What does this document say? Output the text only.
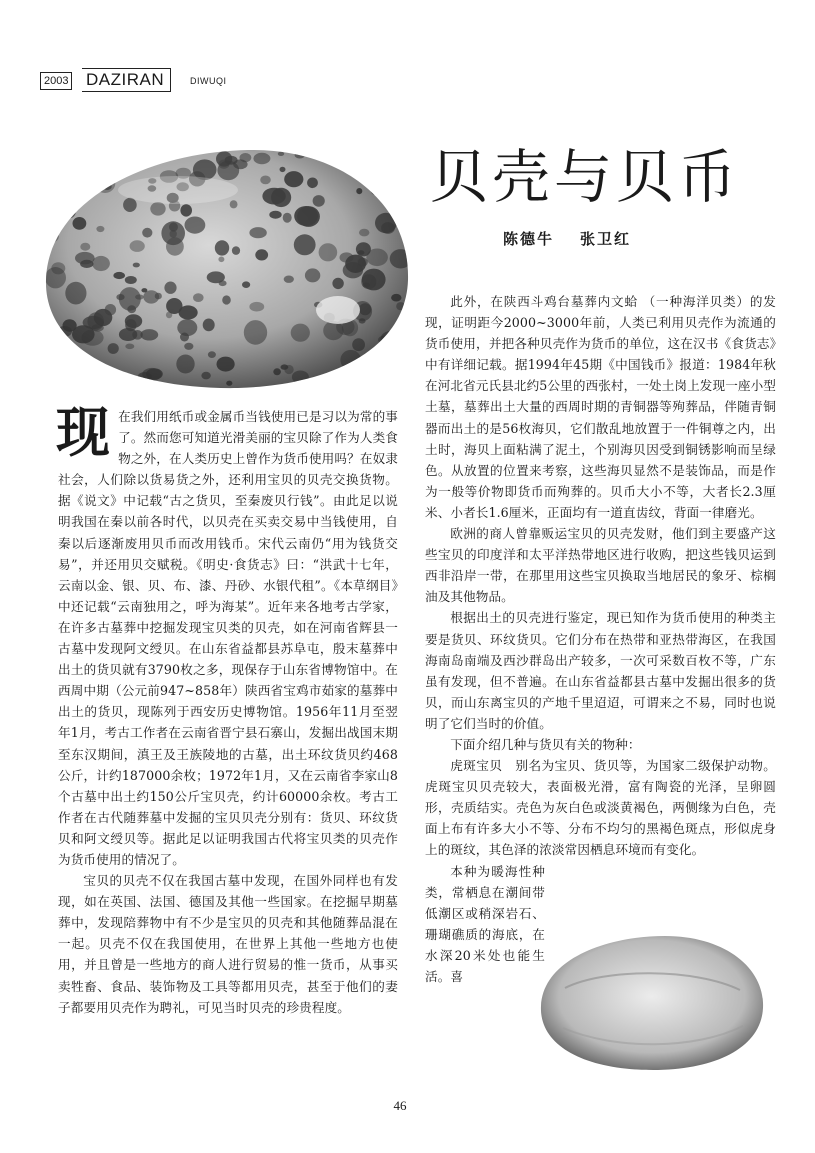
2003 DAZIRAN	DIWUQI
贝壳与贝币
陈德牛 张卫红

现在我们用纸币或金属币当钱使用已是习以为常的事了。然而您可知道光滑美丽的宝贝除了作为人类食物之外，在人类历史上曾作为货币使用吗？在奴隶社会，人们除以货易货之外，还利用宝贝的贝壳交换货物。据《说文》中记载“古之货贝，至秦废贝行钱”。由此足以说明我国在秦以前各时代，以贝壳在买卖交易中当钱使用，自秦以后逐渐废用贝币而改用钱币。宋代云南仍“用为钱货交易”，并还用贝交赋税。《明史·食货志》曰：“洪武十七年，云南以金、银、贝、布、漆、丹砂、水银代租”。《本草纲目》中还记载“云南独用之，呼为海某”。近年来各地考古学家，在许多古墓葬中挖掘发现宝贝类的贝壳，如在河南省辉县一古墓中发现阿文绶贝。在山东省益都县苏阜屯，殷末墓葬中出土的货贝就有3790枚之多，现保存于山东省博物馆中。在西周中期（公元前947~858年）陕西省宝鸡市茹家的墓葬中出土的货贝，现陈列于西安历史博物馆。1956年11月至翌年1月，考古工作者在云南省晋宁县石寨山，发掘出战国末期至东汉期间，滇王及王族陵地的古墓，出土环纹货贝约468公斤，计约187000余枚；1972年1月，又在云南省李家山8个古墓中出土约150公斤宝贝壳，约计60000余枚。考古工作者在古代随葬墓中发掘的宝贝贝壳分别有：货贝、环纹货贝和阿文绶贝等。据此足以证明我国古代将宝贝类的贝壳作为货币使用的情况了。

宝贝的贝壳不仅在我国古墓中发现，在国外同样也有发现，如在英国、法国、德国及其他一些国家。在挖掘早期墓葬中，发现陪葬物中有不少是宝贝的贝壳和其他随葬品混在一起。贝壳不仅在我国使用，在世界上其他一些地方也使用，并且曾是一些地方的商人进行贸易的惟一货币，从事买卖牲畜、食品、装饰物及工具等都用贝壳，甚至于他们的妻子都要用贝壳作为聘礼，可见当时贝壳的珍贵程度。

此外，在陕西斗鸡台墓葬内文蛤 （一种海洋贝类）的发现，证明距今2000~3000年前，人类已利用贝壳作为流通的货币使用，并把各种贝壳作为货币的单位，这在汉书《食货志》中有详细记载。据1994年45期《中国钱币》报道：1984年秋在河北省元氏县北约5公里的西张村，一处土岗上发现一座小型土墓，墓葬出土大量的西周时期的青铜器等殉葬品，伴随青铜器而出土的是56枚海贝，它们散乱地放置于一件铜尊之内，出土时，海贝上面粘满了泥土，个别海贝因受到铜锈影响而呈绿色。从放置的位置来考察，这些海贝显然不是装饰品，而是作为一般等价物即货币而殉葬的。贝币大小不等，大者长2.3厘米、小者长1.6厘米，正面均有一道直齿纹，背面一律磨光。

欧洲的商人曾靠贩运宝贝的贝壳发财，他们到主要盛产这些宝贝的印度洋和太平洋热带地区进行收购，把这些钱贝运到西非沿岸一带，在那里用这些宝贝换取当地居民的象牙、棕榈油及其他物品。

根据出土的贝壳进行鉴定，现已知作为货币使用的种类主要是货贝、环纹货贝。它们分布在热带和亚热带海区，在我国海南岛南端及西沙群岛出产较多，一次可采数百枚不等，广东虽有发现，但不普遍。在山东省益都县古墓中发掘出很多的货贝，而山东离宝贝的产地千里迢迢，可谓来之不易，同时也说明了它们当时的价值。

下面介绍几种与货贝有关的物种：

虎斑宝贝　别名为宝贝、货贝等，为国家二级保护动物。虎斑宝贝贝壳较大，表面极光滑，富有陶瓷的光泽，呈卵圆形，壳质结实。壳色为灰白色或淡黄褐色，两侧缘为白色，壳面上布有许多大小不等、分布不均匀的黑褐色斑点，形似虎身上的斑纹，其色泽的浓淡常因栖息环境而有变化。

本种为暖海性种类，常栖息在潮间带低潮区或稍深岩石、珊瑚礁质的海底，在水深20米处也能生活。喜

46
